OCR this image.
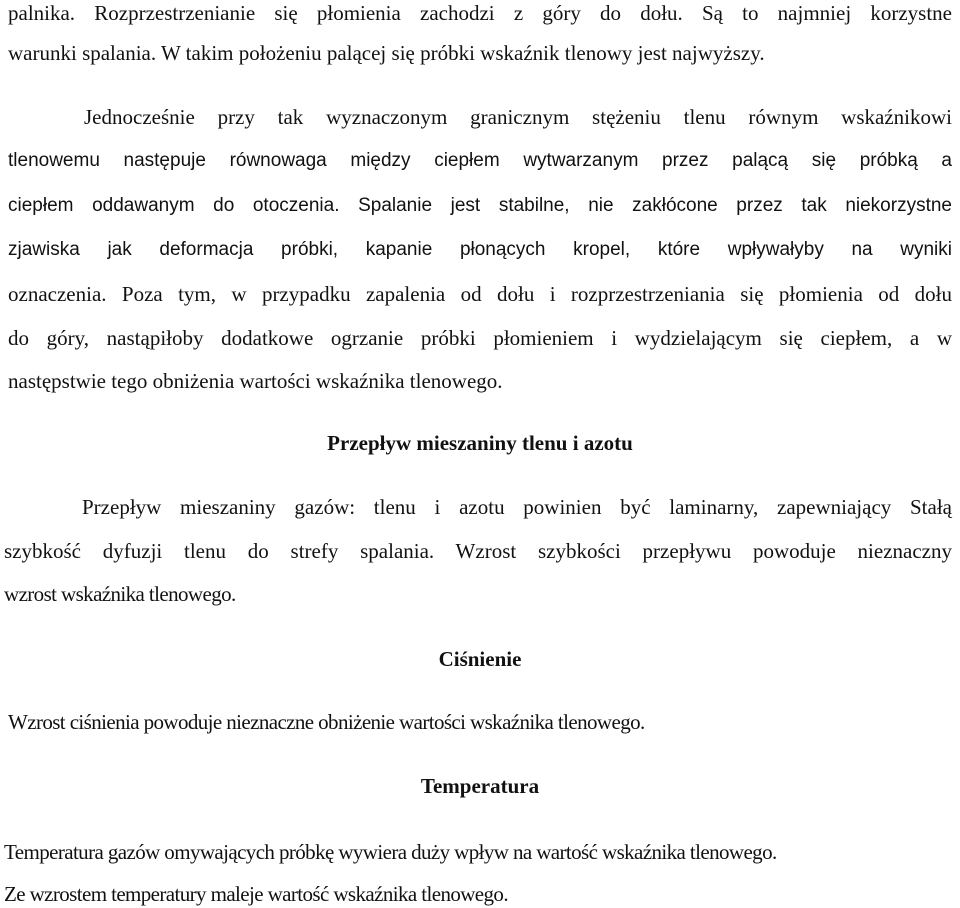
palnika. Rozprzestrzenianie się płomienia zachodzi z góry do dołu. Są to najmniej korzystne
warunki spalania. W takim położeniu palącej się próbki wskaźnik tlenowy jest najwyższy.
Jednocześnie przy tak wyznaczonym granicznym stężeniu tlenu równym wskaźnikowi
tlenowemu następuje równowaga między ciepłem wytwarzanym przez palącą się próbką a
ciepłem oddawanym do otoczenia. Spalanie jest stabilne, nie zakłócone przez tak niekorzystne
zjawiska jak deformacja próbki, kapanie płonących kropel, które wpływałyby na wyniki
oznaczenia. Poza tym, w przypadku zapalenia od dołu i rozprzestrzeniania się płomienia od dołu
do góry, nastąpiłoby dodatkowe ogrzanie próbki płomieniem i wydzielającym się ciepłem, a w
następstwie tego obniżenia wartości wskaźnika tlenowego.
Przepływ mieszaniny tlenu i azotu
Przepływ mieszaniny gazów: tlenu i azotu powinien być laminarny, zapewniający Stałą
szybkość dyfuzji tlenu do strefy spalania. Wzrost szybkości przepływu powoduje nieznaczny
wzrost wskaźnika tlenowego.
Ciśnienie
Wzrost ciśnienia powoduje nieznaczne obniżenie wartości wskaźnika tlenowego.
Temperatura
Temperatura gazów omywających próbkę wywiera duży wpływ na wartość wskaźnika tlenowego.
Ze wzrostem temperatury maleje wartość wskaźnika tlenowego.
